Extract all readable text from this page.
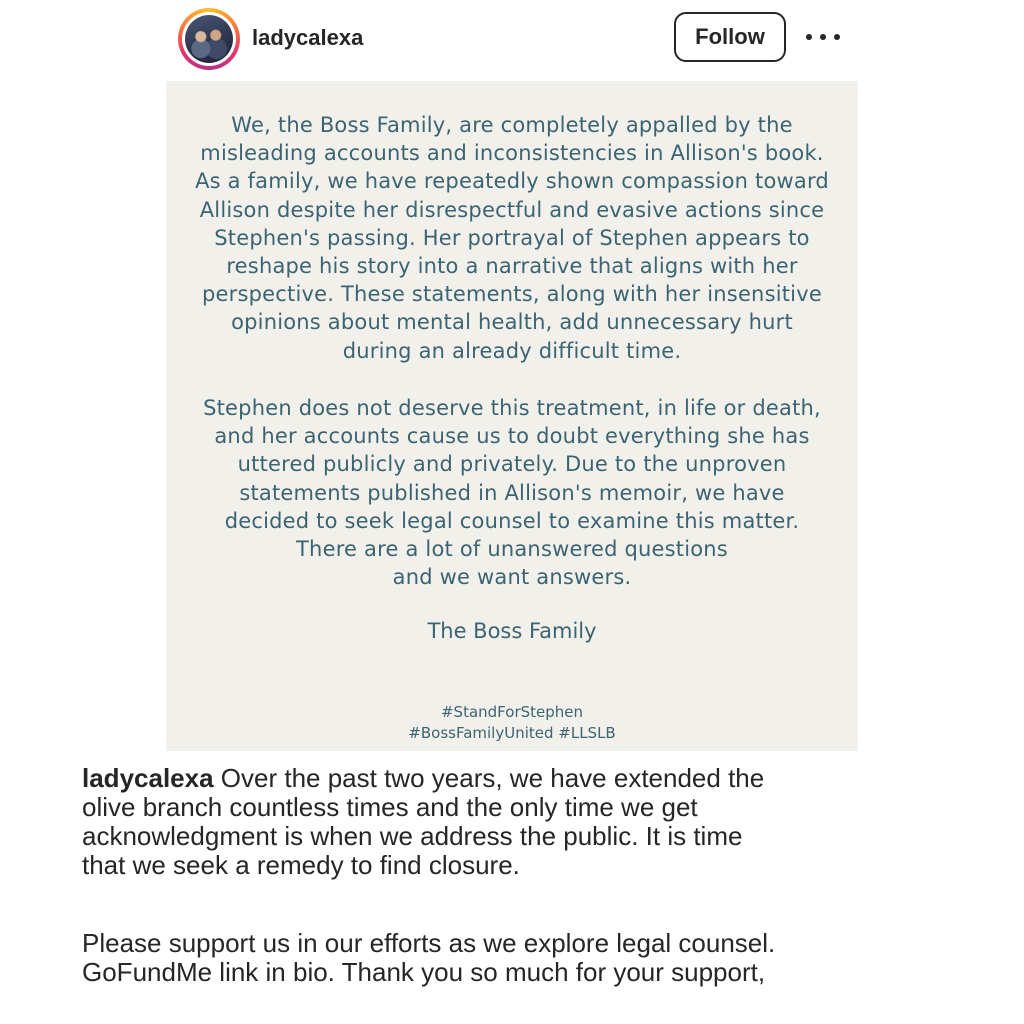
ladycalexa	Follow
We, the Boss Family, are completely appalled by the
misleading accounts and inconsistencies in Allison's book.
As a family, we have repeatedly shown compassion toward
Allison despite her disrespectful and evasive actions since
Stephen's passing. Her portrayal of Stephen appears to
reshape his story into a narrative that aligns with her
perspective. These statements, along with her insensitive
opinions about mental health, add unnecessary hurt
during an already difficult time.
Stephen does not deserve this treatment, in life or death,
and her accounts cause us to doubt everything she has
uttered publicly and privately. Due to the unproven
statements published in Allison's memoir, we have
decided to seek legal counsel to examine this matter.
There are a lot of unanswered questions
and we want answers.
The Boss Family
#StandForStephen
#BossFamilyUnited #LLSLB
ladycalexa Over the past two years, we have extended the
olive branch countless times and the only time we get
acknowledgment is when we address the public. It is time
that we seek a remedy to find closure.
Please support us in our efforts as we explore legal counsel.
GoFundMe link in bio. Thank you so much for your support,
